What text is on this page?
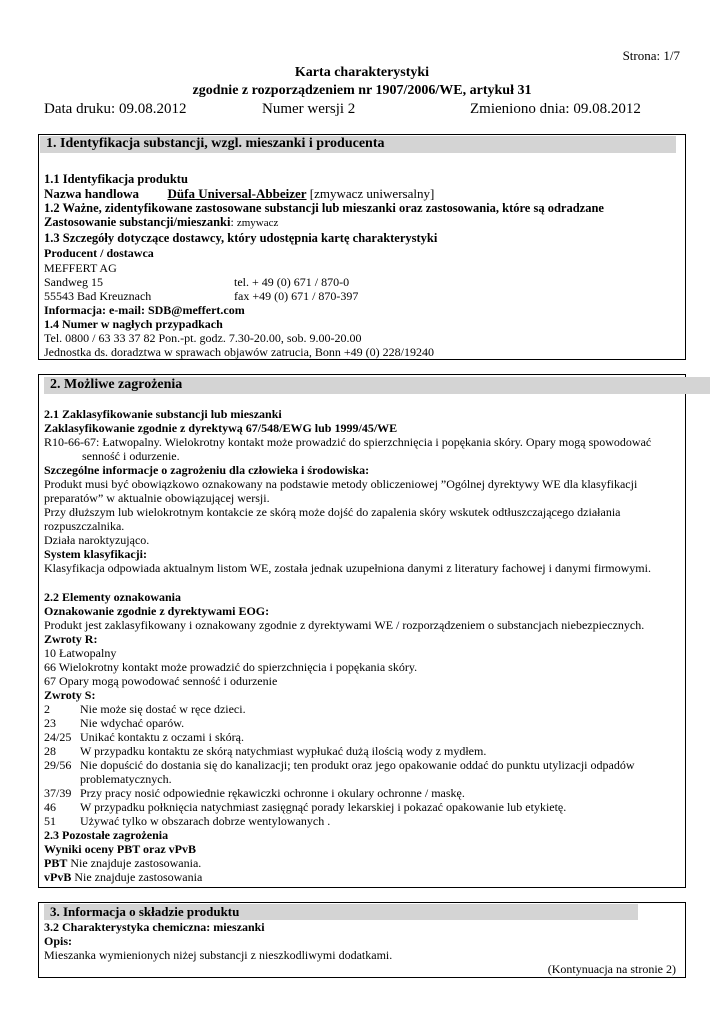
Strona: 1/7
Karta charakterystyki
zgodnie z rozporządzeniem nr 1907/2006/WE, artykuł 31
Data druku: 09.08.2012	Numer wersji 2	Zmieniono dnia: 09.08.2012
1. Identyfikacja substancji, wzgl. mieszanki i producenta
1.1 Identyfikacja produktu
Nazwa handlowa Düfa Universal-Abbeizer [zmywacz uniwersalny]
1.2 Ważne, zidentyfikowane zastosowane substancji lub mieszanki oraz zastosowania, które są odradzane
Zastosowanie substancji/mieszanki: zmywacz
1.3 Szczegóły dotyczące dostawcy, który udostępnia kartę charakterystyki
Producent / dostawca
MEFFERT AG
Sandweg 15	tel. + 49 (0) 671 / 870-0
55543 Bad Kreuznach	fax +49 (0) 671 / 870-397
Informacja: e-mail: SDB@meffert.com
1.4 Numer w nagłych przypadkach
Tel. 0800 / 63 33 37 82 Pon.-pt. godz. 7.30-20.00, sob. 9.00-20.00
Jednostka ds. doradztwa w sprawach objawów zatrucia, Bonn +49 (0) 228/19240
2. Możliwe zagrożenia
2.1 Zaklasyfikowanie substancji lub mieszanki
Zaklasyfikowanie zgodnie z dyrektywą 67/548/EWG lub 1999/45/WE
R10-66-67: Łatwopalny. Wielokrotny kontakt może prowadzić do spierzchnięcia i popękania skóry. Opary mogą spowodować
senność i odurzenie.
Szczególne informacje o zagrożeniu dla człowieka i środowiska:
Produkt musi być obowiązkowo oznakowany na podstawie metody obliczeniowej ”Ogólnej dyrektywy WE dla klasyfikacji
preparatów” w aktualnie obowiązującej wersji.
Przy dłuższym lub wielokrotnym kontakcie ze skórą może dojść do zapalenia skóry wskutek odtłuszczającego działania
rozpuszczalnika.
Działa naroktyzująco.
System klasyfikacji:
Klasyfikacja odpowiada aktualnym listom WE, została jednak uzupełniona danymi z literatury fachowej i danymi firmowymi.
2.2 Elementy oznakowania
Oznakowanie zgodnie z dyrektywami EOG:
Produkt jest zaklasyfikowany i oznakowany zgodnie z dyrektywami WE / rozporządzeniem o substancjach niebezpiecznych.
Zwroty R:
10 Łatwopalny
66 Wielokrotny kontakt może prowadzić do spierzchnięcia i popękania skóry.
67 Opary mogą powodować senność i odurzenie
Zwroty S:
2	Nie może się dostać w ręce dzieci.
23 Nie wdychać oparów.
24/25 Unikać kontaktu z oczami i skórą.
28 W przypadku kontaktu ze skórą natychmiast wypłukać dużą ilością wody z mydłem.
29/56 Nie dopuścić do dostania się do kanalizacji; ten produkt oraz jego opakowanie oddać do punktu utylizacji odpadów
problematycznych.
37/39 Przy pracy nosić odpowiednie rękawiczki ochronne i okulary ochronne / maskę.
46 W przypadku połknięcia natychmiast zasięgnąć porady lekarskiej i pokazać opakowanie lub etykietę.
51 Używać tylko w obszarach dobrze wentylowanych .
2.3 Pozostałe zagrożenia
Wyniki oceny PBT oraz vPvB
PBT Nie znajduje zastosowania.
vPvB Nie znajduje zastosowania
3. Informacja o składzie produktu
3.2 Charakterystyka chemiczna: mieszanki
Opis:
Mieszanka wymienionych niżej substancji z nieszkodliwymi dodatkami.
(Kontynuacja na stronie 2)
